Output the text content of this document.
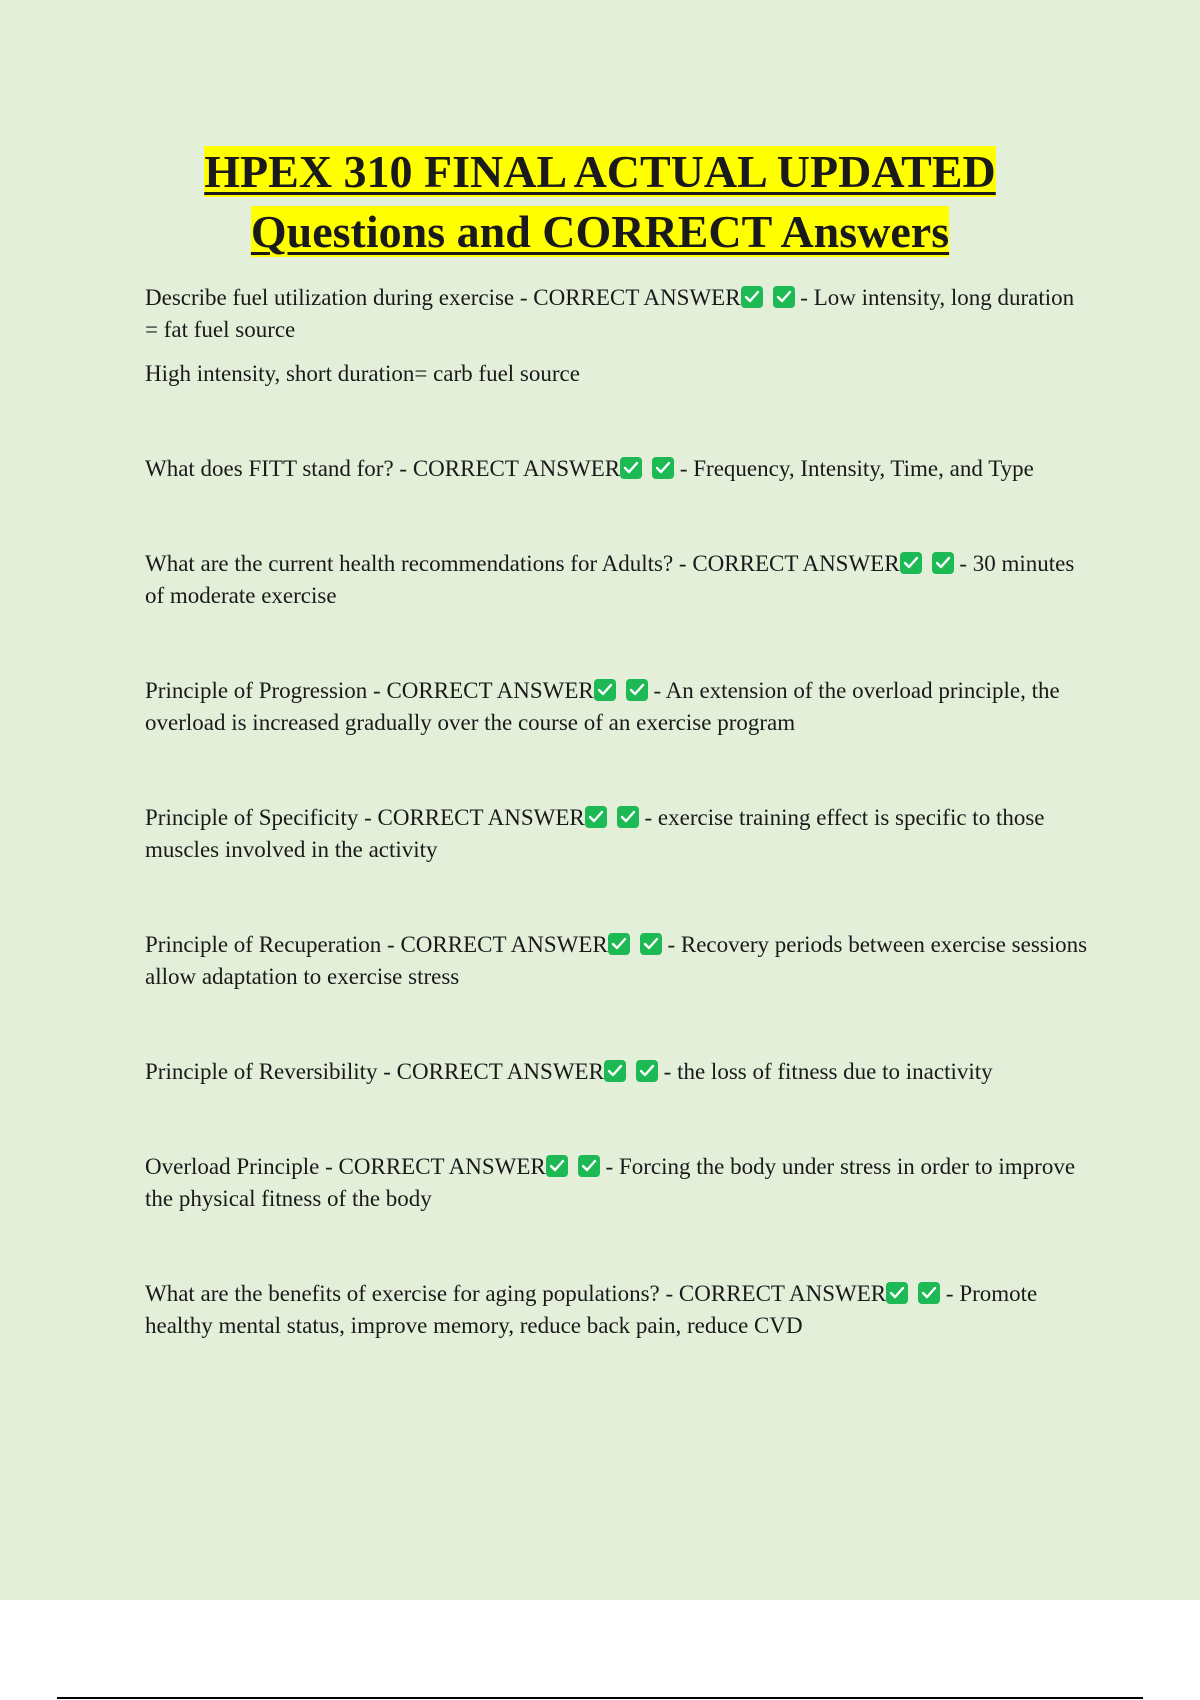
HPEX 310 FINAL ACTUAL UPDATED
Questions and CORRECT Answers

Describe fuel utilization during exercise - CORRECT ANSWER
- Low intensity, long duration = fat fuel source

High intensity, short duration= carb fuel source

What does FITT stand for? - CORRECT ANSWER
- Frequency, Intensity, Time, and Type

What are the current health recommendations for Adults? - CORRECT ANSWER
- 30 minutes of moderate exercise

Principle of Progression - CORRECT ANSWER
- An extension of the overload principle, the overload is increased gradually over the course of an exercise program

Principle of Specificity - CORRECT ANSWER
- exercise training effect is specific to those muscles involved in the activity

Principle of Recuperation - CORRECT ANSWER
- Recovery periods between exercise sessions allow adaptation to exercise stress

Principle of Reversibility - CORRECT ANSWER
- the loss of fitness due to inactivity

Overload Principle - CORRECT ANSWER
- Forcing the body under stress in order to improve the physical fitness of the body

What are the benefits of exercise for aging populations? - CORRECT ANSWER
- Promote healthy mental status, improve memory, reduce back pain, reduce CVD
